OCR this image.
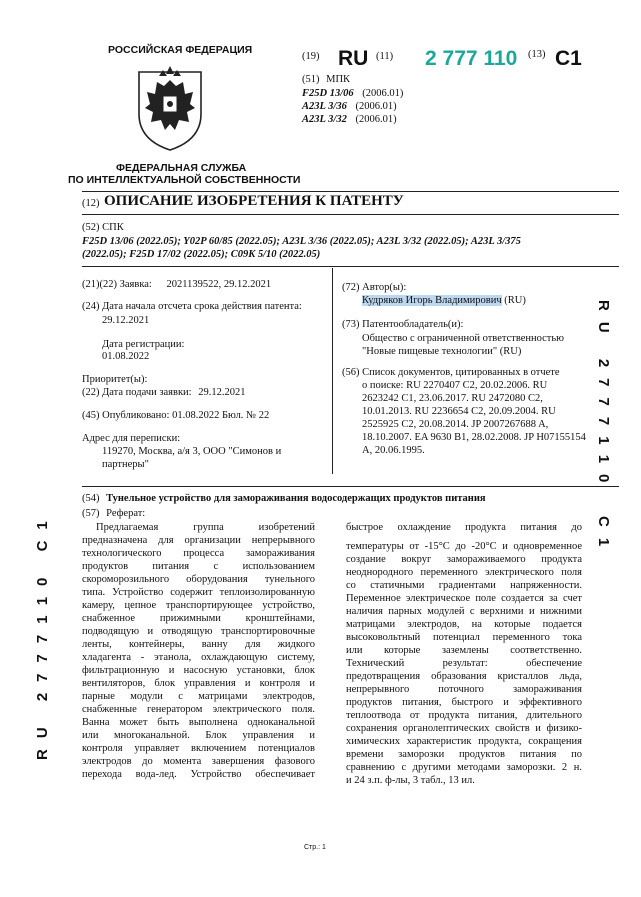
РОССИЙСКАЯ ФЕДЕРАЦИЯ
ФЕДЕРАЛЬНАЯ СЛУЖБА
ПО ИНТЕЛЛЕКТУАЛЬНОЙ СОБСТВЕННОСТИ
(19) RU (11) 2 777 110 (13) C1
(51) МПК
F25D 13/06 (2006.01)
A23L 3/36 (2006.01)
A23L 3/32 (2006.01)
(12) ОПИСАНИЕ ИЗОБРЕТЕНИЯ К ПАТЕНТУ
(52) СПК
F25D 13/06 (2022.05); Y02P 60/85 (2022.05); A23L 3/36 (2022.05); A23L 3/32 (2022.05); A23L 3/375
(2022.05); F25D 17/02 (2022.05); C09K 5/10 (2022.05)
(21)(22) Заявка: 2021139522, 29.12.2021
(24) Дата начала отсчета срока действия патента:
29.12.2021
Дата регистрации:
01.08.2022
Приоритет(ы):
(22) Дата подачи заявки: 29.12.2021
(45) Опубликовано: 01.08.2022 Бюл. № 22
Адрес для переписки:
119270, Москва, а/я 3, ООО "Симонов и
партнеры"
(72) Автор(ы):
Кудряков Игорь Владимирович (RU)
(73) Патентообладатель(и):
Общество с ограниченной ответственностью
"Новые пищевые технологии" (RU)
(56) Список документов, цитированных в отчете
о поиске: RU 2270407 C2, 20.02.2006. RU
2623242 C1, 23.06.2017. RU 2472080 C2,
10.01.2013. RU 2236654 C2, 20.09.2004. RU
2525925 C2, 20.08.2014. JP 2007267688 A,
18.10.2007. EA 9630 B1, 28.02.2008. JP H07155154
A, 20.06.1995.
(54) Тунельное устройство для замораживания водосодержащих продуктов питания
(57) Реферат:

Предлагаемая группа изобретений

предназначена для организации непрерывного

технологического процесса замораживания

продуктов питания с использованием

скороморозильного оборудования тунельного

типа. Устройство содержит теплоизолированную

камеру, цепное транспортирующее устройство,

снабженное прижимными кронштейнами,

подводящую и отводящую транспортировочные

ленты, контейнеры, ванну для жидкого

хладагента - этанола, охлаждающую систему,

фильтрационную и насосную установки, блок

вентиляторов, блок управления и контроля и

парные модули с матрицами электродов,

снабженные генератором электрического поля.

Ванна может быть выполнена одноканальной

или многоканальной. Блок управления и

контроля управляет включением потенциалов

электродов до момента завершения фазового

перехода вода-лед. Устройство обеспечивает

быстрое охлаждение продукта питания до

температуры от -15°C до -20°C и одновременное

создание вокруг замораживаемого продукта

неоднородного переменного электрического поля

со статичными градиентами напряженности.

Переменное электрическое поле создается за счет

наличия парных модулей с верхними и нижними

матрицами электродов, на которые подается

высоковольтный потенциал переменного тока

или которые заземлены соответственно.

Технический результат: обеспечение

предотвращения образования кристаллов льда,

непрерывного поточного замораживания

продуктов питания, быстрого и эффективного

теплоотвода от продукта питания, длительного

сохранения органолептических свойств и физико-

химических характеристик продукта, сокращения

времени заморозки продуктов питания по

сравнению с другими методами заморозки. 2 н.

и 24 з.п. ф-лы, 3 табл., 13 ил.

RU 2777110
C1
RU 2777110 C1
Стр.: 1
